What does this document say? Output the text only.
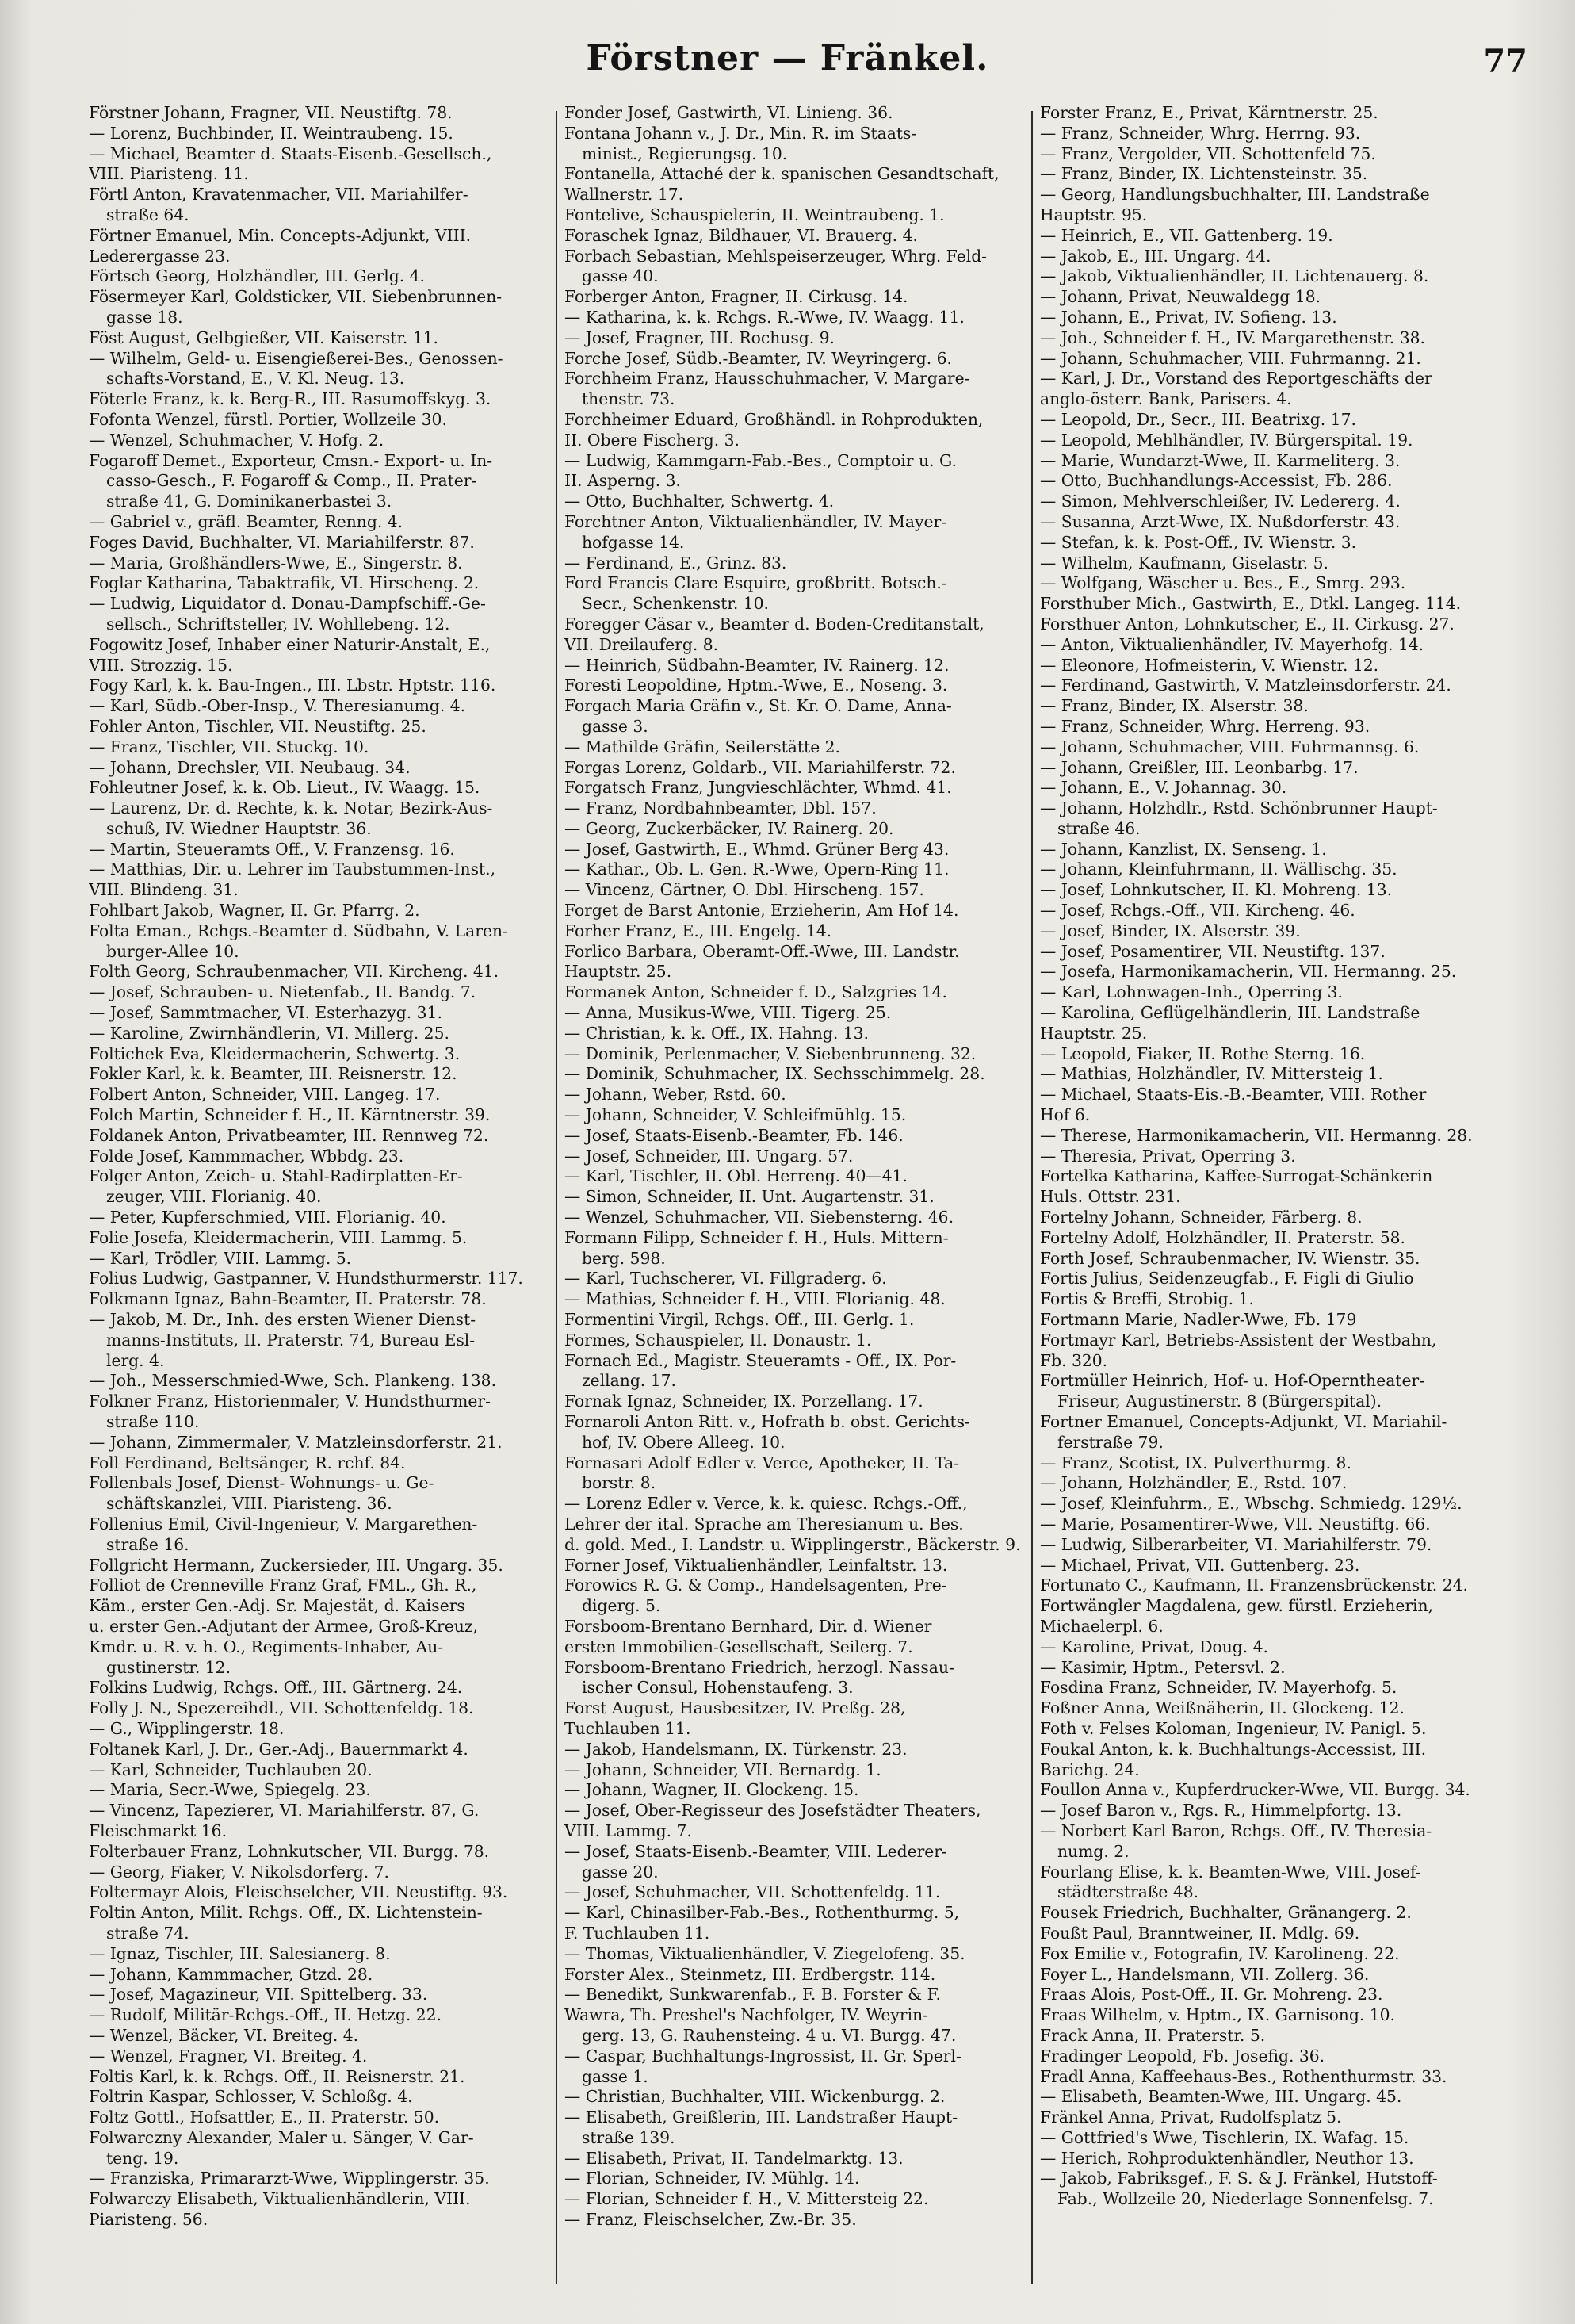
Förstner — Fränkel.	77
Förstner Johann, Fragner, VII. Neustiftg. 78.
— Lorenz, Buchbinder, II. Weintraubeng. 15.
— Michael, Beamter d. Staats-Eisenb.-Gesellsch.,
VIII. Piaristeng. 11.
Förtl Anton, Kravatenmacher, VII. Mariahilfer-
straße 64.
Förtner Emanuel, Min. Concepts-Adjunkt, VIII.
Lederergasse 23.
Förtsch Georg, Holzhändler, III. Gerlg. 4.
Fösermeyer Karl, Goldsticker, VII. Siebenbrunnen-
gasse 18.
Föst August, Gelbgießer, VII. Kaiserstr. 11.
— Wilhelm, Geld- u. Eisengießerei-Bes., Genossen-
schafts-Vorstand, E., V. Kl. Neug. 13.
Föterle Franz, k. k. Berg-R., III. Rasumoffskyg. 3.
Fofonta Wenzel, fürstl. Portier, Wollzeile 30.
— Wenzel, Schuhmacher, V. Hofg. 2.
Fogaroff Demet., Exporteur, Cmsn.- Export- u. In-
casso-Gesch., F. Fogaroff & Comp., II. Prater-
straße 41, G. Dominikanerbastei 3.
— Gabriel v., gräfl. Beamter, Renng. 4.
Foges David, Buchhalter, VI. Mariahilferstr. 87.
— Maria, Großhändlers-Wwe, E., Singerstr. 8.
Foglar Katharina, Tabaktrafik, VI. Hirscheng. 2.
— Ludwig, Liquidator d. Donau-Dampfschiff.-Ge-
sellsch., Schriftsteller, IV. Wohllebeng. 12.
Fogowitz Josef, Inhaber einer Naturir-Anstalt, E.,
VIII. Strozzig. 15.
Fogy Karl, k. k. Bau-Ingen., III. Lbstr. Hptstr. 116.
— Karl, Südb.-Ober-Insp., V. Theresianumg. 4.
Fohler Anton, Tischler, VII. Neustiftg. 25.
— Franz, Tischler, VII. Stuckg. 10.
— Johann, Drechsler, VII. Neubaug. 34.
Fohleutner Josef, k. k. Ob. Lieut., IV. Waagg. 15.
— Laurenz, Dr. d. Rechte, k. k. Notar, Bezirk-Aus-
schuß, IV. Wiedner Hauptstr. 36.
— Martin, Steueramts Off., V. Franzensg. 16.
— Matthias, Dir. u. Lehrer im Taubstummen-Inst.,
VIII. Blindeng. 31.
Fohlbart Jakob, Wagner, II. Gr. Pfarrg. 2.
Folta Eman., Rchgs.-Beamter d. Südbahn, V. Laren-
burger-Allee 10.
Folth Georg, Schraubenmacher, VII. Kircheng. 41.
— Josef, Schrauben- u. Nietenfab., II. Bandg. 7.
— Josef, Sammtmacher, VI. Esterhazyg. 31.
— Karoline, Zwirnhändlerin, VI. Millerg. 25.
Foltichek Eva, Kleidermacherin, Schwertg. 3.
Fokler Karl, k. k. Beamter, III. Reisnerstr. 12.
Folbert Anton, Schneider, VIII. Langeg. 17.
Folch Martin, Schneider f. H., II. Kärntnerstr. 39.
Foldanek Anton, Privatbeamter, III. Rennweg 72.
Folde Josef, Kammmacher, Wbbdg. 23.
Folger Anton, Zeich- u. Stahl-Radirplatten-Er-
zeuger, VIII. Florianig. 40.
— Peter, Kupferschmied, VIII. Florianig. 40.
Folie Josefa, Kleidermacherin, VIII. Lammg. 5.
— Karl, Trödler, VIII. Lammg. 5.
Folius Ludwig, Gastpanner, V. Hundsthurmerstr. 117.
Folkmann Ignaz, Bahn-Beamter, II. Praterstr. 78.
— Jakob, M. Dr., Inh. des ersten Wiener Dienst-
manns-Instituts, II. Praterstr. 74, Bureau Esl-
lerg. 4.
— Joh., Messerschmied-Wwe, Sch. Plankeng. 138.
Folkner Franz, Historienmaler, V. Hundsthurmer-
straße 110.
— Johann, Zimmermaler, V. Matzleinsdorferstr. 21.
Foll Ferdinand, Beltsänger, R. rchf. 84.
Follenbals Josef, Dienst- Wohnungs- u. Ge-
schäftskanzlei, VIII. Piaristeng. 36.
Follenius Emil, Civil-Ingenieur, V. Margarethen-
straße 16.
Follgricht Hermann, Zuckersieder, III. Ungarg. 35.
Folliot de Crenneville Franz Graf, FML., Gh. R.,
Käm., erster Gen.-Adj. Sr. Majestät, d. Kaisers
u. erster Gen.-Adjutant der Armee, Groß-Kreuz,
Kmdr. u. R. v. h. O., Regiments-Inhaber, Au-
gustinerstr. 12.
Folkins Ludwig, Rchgs. Off., III. Gärtnerg. 24.
Folly J. N., Spezereihdl., VII. Schottenfeldg. 18.
— G., Wipplingerstr. 18.
Foltanek Karl, J. Dr., Ger.-Adj., Bauernmarkt 4.
— Karl, Schneider, Tuchlauben 20.
— Maria, Secr.-Wwe, Spiegelg. 23.
— Vincenz, Tapezierer, VI. Mariahilferstr. 87, G.
Fleischmarkt 16.
Folterbauer Franz, Lohnkutscher, VII. Burgg. 78.
— Georg, Fiaker, V. Nikolsdorferg. 7.
Foltermayr Alois, Fleischselcher, VII. Neustiftg. 93.
Foltin Anton, Milit. Rchgs. Off., IX. Lichtenstein-
straße 74.
— Ignaz, Tischler, III. Salesianerg. 8.
— Johann, Kammmacher, Gtzd. 28.
— Josef, Magazineur, VII. Spittelberg. 33.
— Rudolf, Militär-Rchgs.-Off., II. Hetzg. 22.
— Wenzel, Bäcker, VI. Breiteg. 4.
— Wenzel, Fragner, VI. Breiteg. 4.
Foltis Karl, k. k. Rchgs. Off., II. Reisnerstr. 21.
Foltrin Kaspar, Schlosser, V. Schloßg. 4.
Foltz Gottl., Hofsattler, E., II. Praterstr. 50.
Folwarczny Alexander, Maler u. Sänger, V. Gar-
teng. 19.
— Franziska, Primararzt-Wwe, Wipplingerstr. 35.
Folwarczy Elisabeth, Viktualienhändlerin, VIII.
Piaristeng. 56.
Fonder Josef, Gastwirth, VI. Linieng. 36.
Fontana Johann v., J. Dr., Min. R. im Staats-
minist., Regierungsg. 10.
Fontanella, Attaché der k. spanischen Gesandtschaft,
Wallnerstr. 17.
Fontelive, Schauspielerin, II. Weintraubeng. 1.
Foraschek Ignaz, Bildhauer, VI. Brauerg. 4.
Forbach Sebastian, Mehlspeiserzeuger, Whrg. Feld-
gasse 40.
Forberger Anton, Fragner, II. Cirkusg. 14.
— Katharina, k. k. Rchgs. R.-Wwe, IV. Waagg. 11.
— Josef, Fragner, III. Rochusg. 9.
Forche Josef, Südb.-Beamter, IV. Weyringerg. 6.
Forchheim Franz, Hausschuhmacher, V. Margare-
thenstr. 73.
Forchheimer Eduard, Großhändl. in Rohprodukten,
II. Obere Fischerg. 3.
— Ludwig, Kammgarn-Fab.-Bes., Comptoir u. G.
II. Asperng. 3.
— Otto, Buchhalter, Schwertg. 4.
Forchtner Anton, Viktualienhändler, IV. Mayer-
hofgasse 14.
— Ferdinand, E., Grinz. 83.
Ford Francis Clare Esquire, großbritt. Botsch.-
Secr., Schenkenstr. 10.
Foregger Cäsar v., Beamter d. Boden-Creditanstalt,
VII. Dreilauferg. 8.
— Heinrich, Südbahn-Beamter, IV. Rainerg. 12.
Foresti Leopoldine, Hptm.-Wwe, E., Noseng. 3.
Forgach Maria Gräfin v., St. Kr. O. Dame, Anna-
gasse 3.
— Mathilde Gräfin, Seilerstätte 2.
Forgas Lorenz, Goldarb., VII. Mariahilferstr. 72.
Forgatsch Franz, Jungvieschlächter, Whmd. 41.
— Franz, Nordbahnbeamter, Dbl. 157.
— Georg, Zuckerbäcker, IV. Rainerg. 20.
— Josef, Gastwirth, E., Whmd. Grüner Berg 43.
— Kathar., Ob. L. Gen. R.-Wwe, Opern-Ring 11.
— Vincenz, Gärtner, O. Dbl. Hirscheng. 157.
Forget de Barst Antonie, Erzieherin, Am Hof 14.
Forher Franz, E., III. Engelg. 14.
Forlico Barbara, Oberamt-Off.-Wwe, III. Landstr.
Hauptstr. 25.
Formanek Anton, Schneider f. D., Salzgries 14.
— Anna, Musikus-Wwe, VIII. Tigerg. 25.
— Christian, k. k. Off., IX. Hahng. 13.
— Dominik, Perlenmacher, V. Siebenbrunneng. 32.
— Dominik, Schuhmacher, IX. Sechsschimmelg. 28.
— Johann, Weber, Rstd. 60.
— Johann, Schneider, V. Schleifmühlg. 15.
— Josef, Staats-Eisenb.-Beamter, Fb. 146.
— Josef, Schneider, III. Ungarg. 57.
— Karl, Tischler, II. Obl. Herreng. 40—41.
— Simon, Schneider, II. Unt. Augartenstr. 31.
— Wenzel, Schuhmacher, VII. Siebensterng. 46.
Formann Filipp, Schneider f. H., Huls. Mittern-
berg. 598.
— Karl, Tuchscherer, VI. Fillgraderg. 6.
— Mathias, Schneider f. H., VIII. Florianig. 48.
Formentini Virgil, Rchgs. Off., III. Gerlg. 1.
Formes, Schauspieler, II. Donaustr. 1.
Fornach Ed., Magistr. Steueramts - Off., IX. Por-
zellang. 17.
Fornak Ignaz, Schneider, IX. Porzellang. 17.
Fornaroli Anton Ritt. v., Hofrath b. obst. Gerichts-
hof, IV. Obere Alleeg. 10.
Fornasari Adolf Edler v. Verce, Apotheker, II. Ta-
borstr. 8.
— Lorenz Edler v. Verce, k. k. quiesc. Rchgs.-Off.,
Lehrer der ital. Sprache am Theresianum u. Bes.
d. gold. Med., I. Landstr. u. Wipplingerstr., Bäckerstr. 9.
Forner Josef, Viktualienhändler, Leinfaltstr. 13.
Forowics R. G. & Comp., Handelsagenten, Pre-
digerg. 5.
Forsboom-Brentano Bernhard, Dir. d. Wiener
ersten Immobilien-Gesellschaft, Seilerg. 7.
Forsboom-Brentano Friedrich, herzogl. Nassau-
ischer Consul, Hohenstaufeng. 3.
Forst August, Hausbesitzer, IV. Preßg. 28,
Tuchlauben 11.
— Jakob, Handelsmann, IX. Türkenstr. 23.
— Johann, Schneider, VII. Bernardg. 1.
— Johann, Wagner, II. Glockeng. 15.
— Josef, Ober-Regisseur des Josefstädter Theaters,
VIII. Lammg. 7.
— Josef, Staats-Eisenb.-Beamter, VIII. Lederer-
gasse 20.
— Josef, Schuhmacher, VII. Schottenfeldg. 11.
— Karl, Chinasilber-Fab.-Bes., Rothenthurmg. 5,
F. Tuchlauben 11.
— Thomas, Viktualienhändler, V. Ziegelofeng. 35.
Forster Alex., Steinmetz, III. Erdbergstr. 114.
— Benedikt, Sunkwarenfab., F. B. Forster & F.
Wawra, Th. Preshel's Nachfolger, IV. Weyrin-
gerg. 13, G. Rauhensteing. 4 u. VI. Burgg. 47.
— Caspar, Buchhaltungs-Ingrossist, II. Gr. Sperl-
gasse 1.
— Christian, Buchhalter, VIII. Wickenburgg. 2.
— Elisabeth, Greißlerin, III. Landstraßer Haupt-
straße 139.
— Elisabeth, Privat, II. Tandelmarktg. 13.
— Florian, Schneider, IV. Mühlg. 14.
— Florian, Schneider f. H., V. Mittersteig 22.
— Franz, Fleischselcher, Zw.-Br. 35.
Forster Franz, E., Privat, Kärntnerstr. 25.
— Franz, Schneider, Whrg. Herrng. 93.
— Franz, Vergolder, VII. Schottenfeld 75.
— Franz, Binder, IX. Lichtensteinstr. 35.
— Georg, Handlungsbuchhalter, III. Landstraße
Hauptstr. 95.
— Heinrich, E., VII. Gattenberg. 19.
— Jakob, E., III. Ungarg. 44.
— Jakob, Viktualienhändler, II. Lichtenauerg. 8.
— Johann, Privat, Neuwaldegg 18.
— Johann, E., Privat, IV. Sofieng. 13.
— Joh., Schneider f. H., IV. Margarethenstr. 38.
— Johann, Schuhmacher, VIII. Fuhrmanng. 21.
— Karl, J. Dr., Vorstand des Reportgeschäfts der
anglo-österr. Bank, Parisers. 4.
— Leopold, Dr., Secr., III. Beatrixg. 17.
— Leopold, Mehlhändler, IV. Bürgerspital. 19.
— Marie, Wundarzt-Wwe, II. Karmeliterg. 3.
— Otto, Buchhandlungs-Accessist, Fb. 286.
— Simon, Mehlverschleißer, IV. Ledererg. 4.
— Susanna, Arzt-Wwe, IX. Nußdorferstr. 43.
— Stefan, k. k. Post-Off., IV. Wienstr. 3.
— Wilhelm, Kaufmann, Giselastr. 5.
— Wolfgang, Wäscher u. Bes., E., Smrg. 293.
Forsthuber Mich., Gastwirth, E., Dtkl. Langeg. 114.
Forsthuer Anton, Lohnkutscher, E., II. Cirkusg. 27.
— Anton, Viktualienhändler, IV. Mayerhofg. 14.
— Eleonore, Hofmeisterin, V. Wienstr. 12.
— Ferdinand, Gastwirth, V. Matzleinsdorferstr. 24.
— Franz, Binder, IX. Alserstr. 38.
— Franz, Schneider, Whrg. Herreng. 93.
— Johann, Schuhmacher, VIII. Fuhrmannsg. 6.
— Johann, Greißler, III. Leonbarbg. 17.
— Johann, E., V. Johannag. 30.
— Johann, Holzhdlr., Rstd. Schönbrunner Haupt-
straße 46.
— Johann, Kanzlist, IX. Senseng. 1.
— Johann, Kleinfuhrmann, II. Wällischg. 35.
— Josef, Lohnkutscher, II. Kl. Mohreng. 13.
— Josef, Rchgs.-Off., VII. Kircheng. 46.
— Josef, Binder, IX. Alserstr. 39.
— Josef, Posamentirer, VII. Neustiftg. 137.
— Josefa, Harmonikamacherin, VII. Hermanng. 25.
— Karl, Lohnwagen-Inh., Operring 3.
— Karolina, Geflügelhändlerin, III. Landstraße
Hauptstr. 25.
— Leopold, Fiaker, II. Rothe Sterng. 16.
— Mathias, Holzhändler, IV. Mittersteig 1.
— Michael, Staats-Eis.-B.-Beamter, VIII. Rother
Hof 6.
— Therese, Harmonikamacherin, VII. Hermanng. 28.
— Theresia, Privat, Operring 3.
Fortelka Katharina, Kaffee-Surrogat-Schänkerin
Huls. Ottstr. 231.
Fortelny Johann, Schneider, Färberg. 8.
Fortelny Adolf, Holzhändler, II. Praterstr. 58.
Forth Josef, Schraubenmacher, IV. Wienstr. 35.
Fortis Julius, Seidenzeugfab., F. Figli di Giulio
Fortis & Breffi, Strobig. 1.
Fortmann Marie, Nadler-Wwe, Fb. 179
Fortmayr Karl, Betriebs-Assistent der Westbahn,
Fb. 320.
Fortmüller Heinrich, Hof- u. Hof-Operntheater-
Friseur, Augustinerstr. 8 (Bürgerspital).
Fortner Emanuel, Concepts-Adjunkt, VI. Mariahil-
ferstraße 79.
— Franz, Scotist, IX. Pulverthurmg. 8.
— Johann, Holzhändler, E., Rstd. 107.
— Josef, Kleinfuhrm., E., Wbschg. Schmiedg. 129½.
— Marie, Posamentirer-Wwe, VII. Neustiftg. 66.
— Ludwig, Silberarbeiter, VI. Mariahilferstr. 79.
— Michael, Privat, VII. Guttenberg. 23.
Fortunato C., Kaufmann, II. Franzensbrückenstr. 24.
Fortwängler Magdalena, gew. fürstl. Erzieherin,
Michaelerpl. 6.
— Karoline, Privat, Doug. 4.
— Kasimir, Hptm., Petersvl. 2.
Fosdina Franz, Schneider, IV. Mayerhofg. 5.
Foßner Anna, Weißnäherin, II. Glockeng. 12.
Foth v. Felses Koloman, Ingenieur, IV. Panigl. 5.
Foukal Anton, k. k. Buchhaltungs-Accessist, III.
Barichg. 24.
Foullon Anna v., Kupferdrucker-Wwe, VII. Burgg. 34.
— Josef Baron v., Rgs. R., Himmelpfortg. 13.
— Norbert Karl Baron, Rchgs. Off., IV. Theresia-
numg. 2.
Fourlang Elise, k. k. Beamten-Wwe, VIII. Josef-
städterstraße 48.
Fousek Friedrich, Buchhalter, Gränangerg. 2.
Foußt Paul, Branntweiner, II. Mdlg. 69.
Fox Emilie v., Fotografin, IV. Karolineng. 22.
Foyer L., Handelsmann, VII. Zollerg. 36.
Fraas Alois, Post-Off., II. Gr. Mohreng. 23.
Fraas Wilhelm, v. Hptm., IX. Garnisong. 10.
Frack Anna, II. Praterstr. 5.
Fradinger Leopold, Fb. Josefig. 36.
Fradl Anna, Kaffeehaus-Bes., Rothenthurmstr. 33.
— Elisabeth, Beamten-Wwe, III. Ungarg. 45.
Fränkel Anna, Privat, Rudolfsplatz 5.
— Gottfried's Wwe, Tischlerin, IX. Wafag. 15.
— Herich, Rohproduktenhändler, Neuthor 13.
— Jakob, Fabriksgef., F. S. & J. Fränkel, Hutstoff-
Fab., Wollzeile 20, Niederlage Sonnenfelsg. 7.
